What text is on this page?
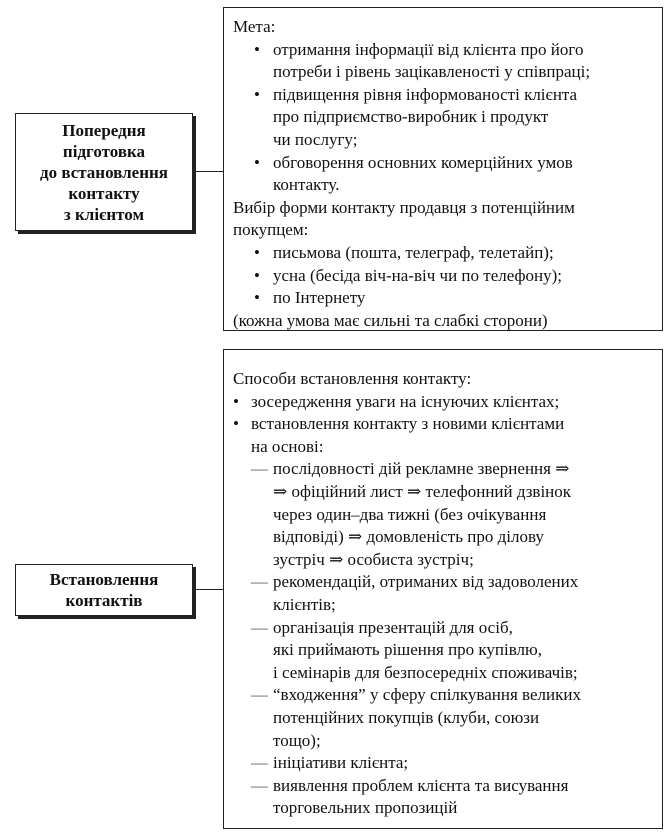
Попередня
підготовка
до встановлення
контакту
з клієнтом
Мета:
• отримання інформації від клієнта про його
потреби і рівень зацікавленості у співпраці;
• підвищення рівня інформованості клієнта
про підприємство-виробник і продукт
чи послугу;
• обговорення основних комерційних умов
контакту.
Вибір форми контакту продавця з потенційним
покупцем:
• письмова (пошта, телеграф, телетайп);
• усна (бесіда віч-на-віч чи по телефону);
• по Інтернету
(кожна умова має сильні та слабкі сторони)
Встановлення
контактів
Способи встановлення контакту:
• зосередження уваги на існуючих клієнтах;
• встановлення контакту з новими клієнтами
на основі:
— послідовності дій рекламне звернення ⇒
⇒ офіційний лист ⇒ телефонний дзвінок
через один–два тижні (без очікування
відповіді) ⇒ домовленість про ділову
зустріч ⇒ особиста зустріч;
— рекомендацій, отриманих від задоволених
клієнтів;
— організація презентацій для осіб,
які приймають рішення про купівлю,
і семінарів для безпосередніх споживачів;
— “входження” у сферу спілкування великих
потенційних покупців (клуби, союзи
тощо);
— ініціативи клієнта;
— виявлення проблем клієнта та висування
торговельних пропозицій
